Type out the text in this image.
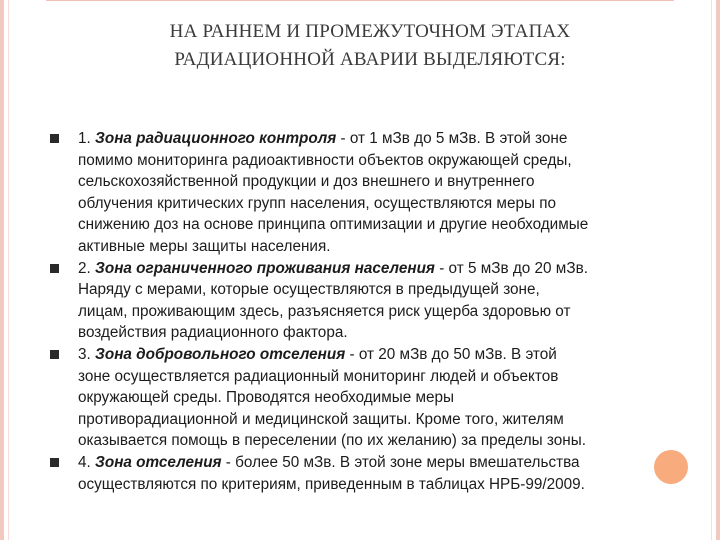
НА РАННЕМ И ПРОМЕЖУТОЧНОМ ЭТАПАХ
РАДИАЦИОННОЙ АВАРИИ ВЫДЕЛЯЮТСЯ:
1. Зона радиационного контроля - от 1 мЗв до 5 мЗв. В этой зоне
помимо мониторинга радиоактивности объектов окружающей среды,
сельскохозяйственной продукции и доз внешнего и внутреннего
облучения критических групп населения, осуществляются меры по
снижению доз на основе принципа оптимизации и другие необходимые
активные меры защиты населения.
2. Зона ограниченного проживания населения - от 5 мЗв до 20 мЗв.
Наряду с мерами, которые осуществляются в предыдущей зоне,
лицам, проживающим здесь, разъясняется риск ущерба здоровью от
воздействия радиационного фактора.
3. Зона добровольного отселения - от 20 мЗв до 50 мЗв. В этой
зоне осуществляется радиационный мониторинг людей и объектов
окружающей среды. Проводятся необходимые меры
противорадиационной и медицинской защиты. Кроме того, жителям
оказывается помощь в переселении (по их желанию) за пределы зоны.
4. Зона отселения - более 50 мЗв. В этой зоне меры вмешательства
осуществляются по критериям, приведенным в таблицах НРБ-99/2009.
